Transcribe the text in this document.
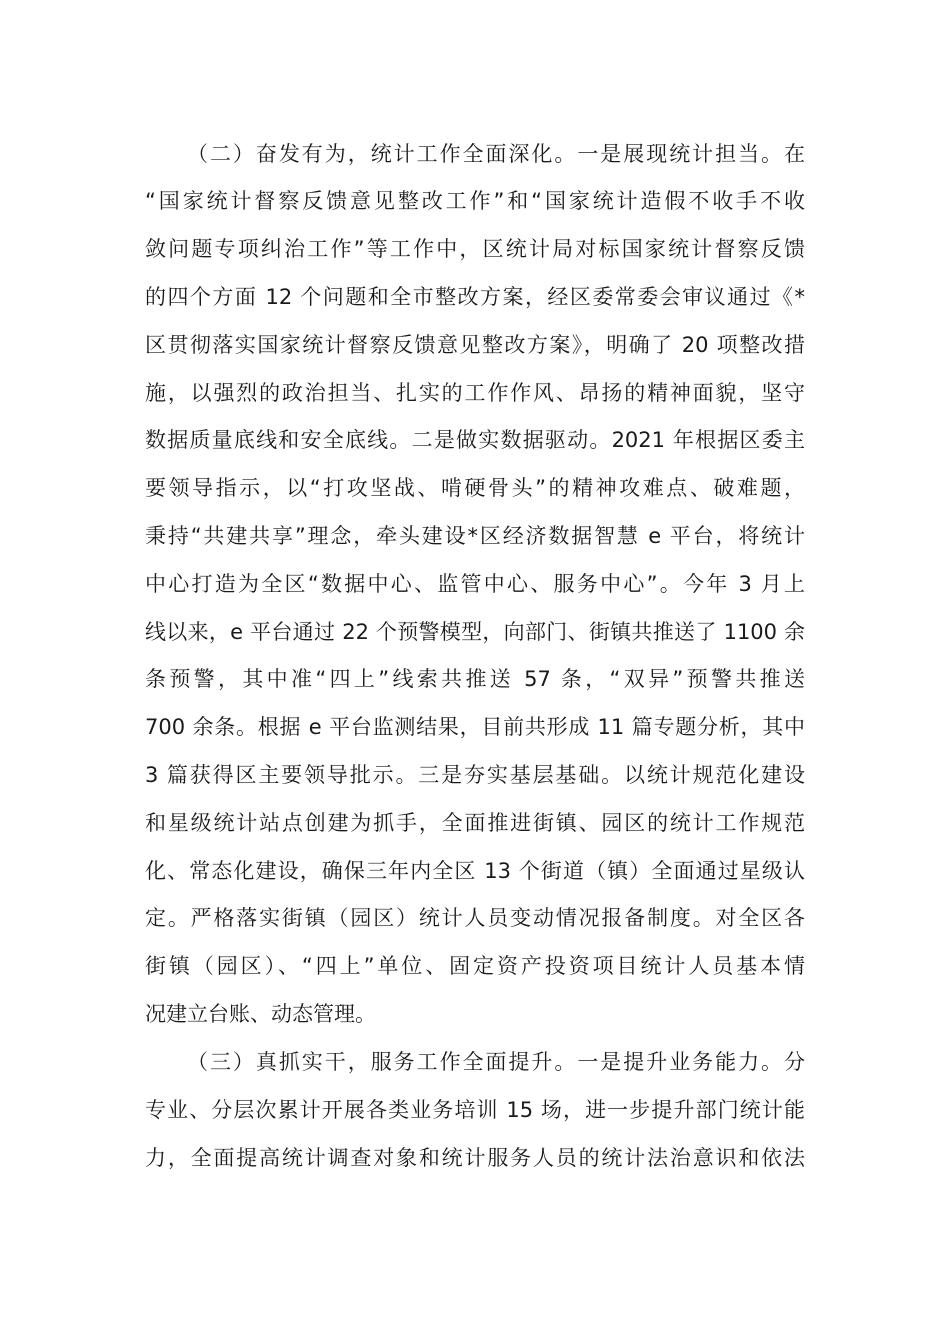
（二）奋发有为，统计工作全面深化。一是展现统计担当。在
“国家统计督察反馈意见整改工作”和“国家统计造假不收手不收
敛问题专项纠治工作”等工作中，区统计局对标国家统计督察反馈
的四个方面 12 个问题和全市整改方案，经区委常委会审议通过《*
区贯彻落实国家统计督察反馈意见整改方案》，明确了 20 项整改措
施，以强烈的政治担当、扎实的工作作风、昂扬的精神面貌，坚守
数据质量底线和安全底线。二是做实数据驱动。2021 年根据区委主
要领导指示，以“打攻坚战、啃硬骨头”的精神攻难点、破难题，
秉持“共建共享”理念，牵头建设*区经济数据智慧 e 平台，将统计
中心打造为全区“数据中心、监管中心、服务中心”。今年 3 月上
线以来，e 平台通过 22 个预警模型，向部门、街镇共推送了 1100 余
条预警，其中准“四上”线索共推送 57 条，“双异”预警共推送
700 余条。根据 e 平台监测结果，目前共形成 11 篇专题分析，其中
3 篇获得区主要领导批示。三是夯实基层基础。以统计规范化建设
和星级统计站点创建为抓手，全面推进街镇、园区的统计工作规范
化、常态化建设，确保三年内全区 13 个街道（镇）全面通过星级认
定。严格落实街镇（园区）统计人员变动情况报备制度。对全区各
街镇（园区）、“四上”单位、固定资产投资项目统计人员基本情
况建立台账、动态管理。
（三）真抓实干，服务工作全面提升。一是提升业务能力。分
专业、分层次累计开展各类业务培训 15 场，进一步提升部门统计能
力，全面提高统计调查对象和统计服务人员的统计法治意识和依法
